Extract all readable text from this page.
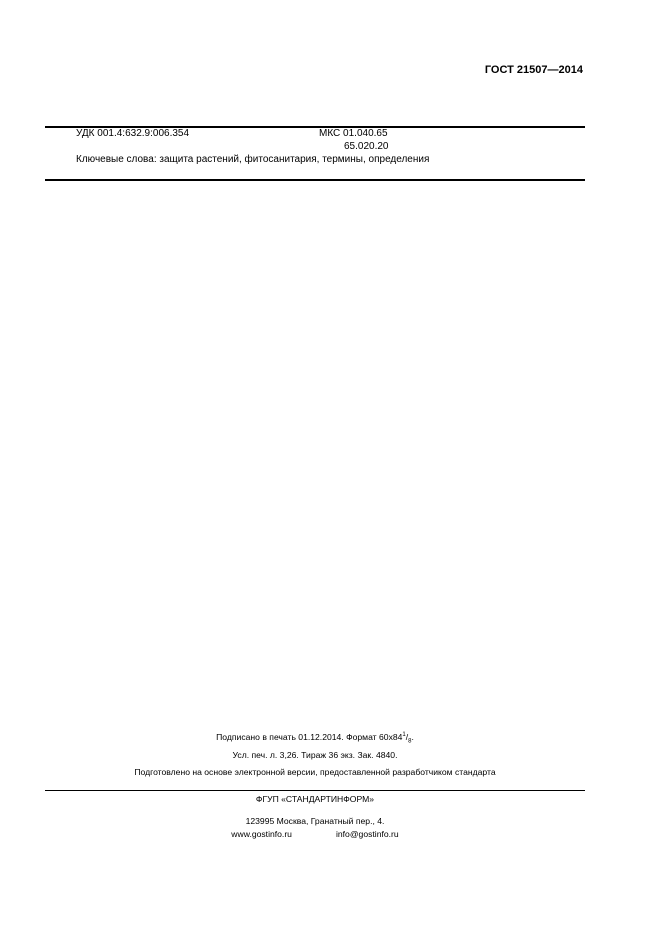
ГОСТ 21507—2014
УДК 001.4:632.9:006.354	МКС 01.040.65
65.020.20
Ключевые слова: защита растений, фитосанитария, термины, определения
Подписано в печать 01.12.2014. Формат $60x84^1/_8$.
Усл. печ. л. 3,26. Тираж 36 экз. Зак. 4840.
Подготовлено на основе электронной версии, предоставленной разработчиком стандарта
ФГУП «СТАНДАРТИНФОРМ»
123995 Москва, Гранатный пер., 4.
www.gostinfo.ru	info@gostinfo.ru
